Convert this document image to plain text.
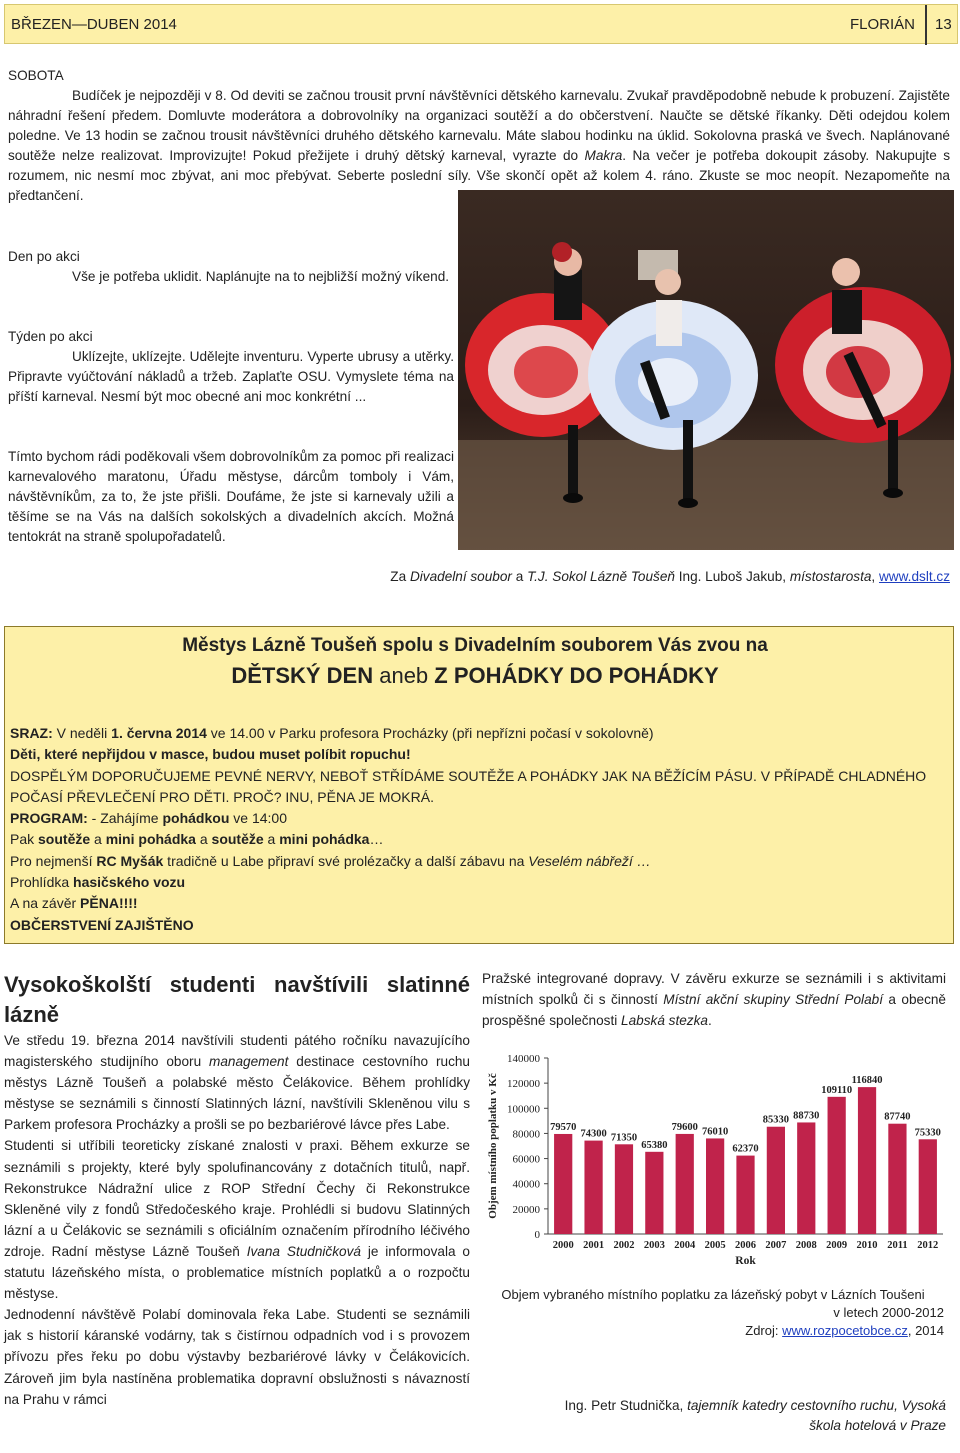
BŘEZEN—DUBEN 2014	FLORIÁN 13
SOBOTA

Budíček je nejpozději v 8. Od deviti se začnou trousit první návštěvníci dětského karnevalu. Zvukař pravděpodobně nebude k probuzení. Zajistěte náhradní řešení předem. Domluvte moderátora a dobrovolníky na organizaci soutěží a do občerstvení. Naučte se dětské říkanky. Děti odejdou kolem poledne. Ve 13 hodin se začnou trousit návštěvníci druhého dětského karnevalu. Máte slabou hodinku na úklid. Sokolovna praská ve švech. Naplánované soutěže nelze realizovat. Improvizujte! Pokud přežijete i druhý dětský karneval, vyrazte do Makra. Na večer je potřeba dokoupit zásoby. Nakupujte s rozumem, nic nesmí moc zbývat, ani moc přebývat. Seberte poslední síly. Vše skončí opět až kolem 4. ráno. Zkuste se moc neopít. Nezapomeňte na předtančení.

Den po akci

Vše je potřeba uklidit. Naplánujte na to nejbližší možný víkend.

Týden po akci

Uklízejte, uklízejte. Udělejte inventuru. Vyperte ubrusy a utěrky. Připravte vyúčtování nákladů a tržeb. Zaplaťte OSU. Vymyslete téma na příští karneval. Nesmí být moc obecné ani moc konkrétní ...

Tímto bychom rádi poděkovali všem dobrovolníkům za pomoc při realizaci karnevalového maratonu, Úřadu městyse, dárcům tomboly i Vám, návštěvníkům, za to, že jste přišli. Doufáme, že jste si karnevaly užili a těšíme se na Vás na dalších sokolských a divadelních akcích. Možná tentokrát na straně spolupořadatelů.

Za Divadelní soubor a T.J. Sokol Lázně Toušeň Ing. Luboš Jakub, místostarosta, www.dslt.cz
Městys Lázně Toušeň spolu s Divadelním souborem Vás zvou na
DĚTSKÝ DEN aneb Z POHÁDKY DO POHÁDKY
SRAZ: V neděli 1. června 2014 ve 14.00 v Parku profesora Procházky (při nepřízni počasí v sokolovně)
Děti, které nepřijdou v masce, budou muset políbit ropuchu!
DOSPĚLÝM DOPORUČUJEME PEVNÉ NERVY, NEBOŤ STŘÍDÁME SOUTĚŽE A POHÁDKY JAK NA BĚŽÍCÍM PÁSU. V PŘÍPADĚ CHLADNÉHO POČASÍ PŘEVLEČENÍ PRO DĚTI. PROČ? INU, PĚNA JE MOKRÁ.
PROGRAM: - Zahájíme pohádkou ve 14:00
Pak soutěže a mini pohádka a soutěže a mini pohádka…
Pro nejmenší RC Myšák tradičně u Labe připraví své prolézačky a další zábavu na Veselém nábřeží …
Prohlídka hasičského vozu
A na závěr PĚNA!!!!
OBČERSTVENÍ ZAJIŠTĚNO
Vysokoškolští studenti navštívili slatinné
lázně

Ve středu 19. března 2014 navštívili studenti pátého ročníku navazujícího magisterského studijního oboru management destinace cestovního ruchu městys Lázně Toušeň a polabské město Čelákovice. Během prohlídky městyse se seznámili s činností Slatinných lázní, navštívili Skleněnou vilu s Parkem profesora Procházky a prošli se po bezbariérové lávce přes Labe.

Studenti si utříbili teoreticky získané znalosti v praxi. Během exkurze se seznámili s projekty, které byly spolufinancovány z dotačních titulů, např. Rekonstrukce Nádražní ulice z ROP Střední Čechy či Rekonstrukce Skleněné vily z fondů Středočeského kraje. Prohlédli si budovu Slatinných lázní a u Čelákovic se seznámili s oficiálním označením přírodního léčivého zdroje. Radní městyse Lázně Toušeň Ivana Studničková je informovala o statutu lázeňského místa, o problematice místních poplatků a o rozpočtu městyse.

Jednodenní návštěvě Polabí dominovala řeka Labe. Studenti se seznámili jak s historií káranské vodárny, tak s čistírnou odpadních vod i s provozem přívozu přes řeku po dobu výstavby bezbariérové lávky v Čelákovicích. Zároveň jim byla nastíněna problematika dopravní obslužnosti s návazností na Prahu v rámci

Pražské integrované dopravy. V závěru exkurze se seznámili i s aktivitami místních spolků či s činností Místní akční skupiny Střední Polabí a obecně prospěšné společnosti Labská stezka.

0
20000
40000
60000
80000
100000
120000
140000
79570
2000
74300
2001
71350
2002
65380
2003
79600
2004
76010
2005
62370
2006
85330
2007
88730
2008
109110
2009
116840
2010
87740
2011
75330
2012
Rok
Objem místního poplatku v Kč
Objem vybraného místního poplatku za lázeňský pobyt v Lázních Toušeni
v letech 2000-2012
Zdroj: www.rozpocetobce.cz, 2014
Ing. Petr Studnička, tajemník katedry cestovního ruchu, Vysoká
škola hotelová v Praze
